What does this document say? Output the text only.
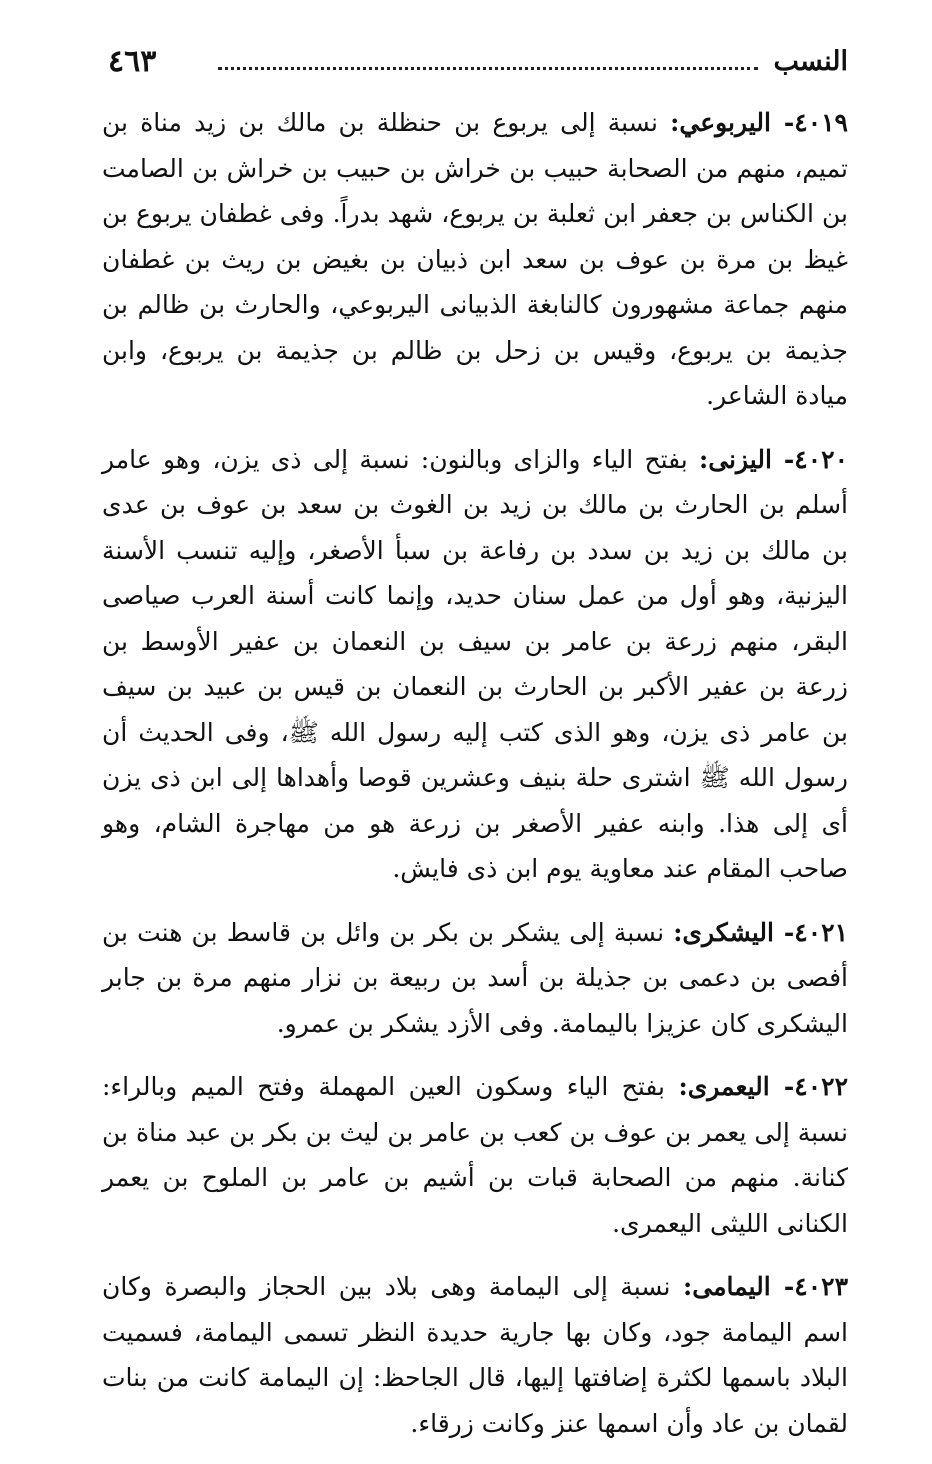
النسب
٤٦٣

٤٠١٩- اليربوعي: نسبة إلى يربوع بن حنظلة بن مالك بن زيد مناة بن تميم، منهم من الصحابة حبيب بن خراش بن حبيب بن خراش بن الصامت بن الكناس بن جعفر ابن ثعلبة بن يربوع، شهد بدراً. وفى غطفان يربوع بن غيظ بن مرة بن عوف بن سعد ابن ذبيان بن بغيض بن ريث بن غطفان منهم جماعة مشهورون كالنابغة الذبيانى اليربوعي، والحارث بن ظالم بن جذيمة بن يربوع، وقيس بن زحل بن ظالم بن جذيمة بن يربوع، وابن ميادة الشاعر.

٤٠٢٠- اليزنى: بفتح الياء والزاى وبالنون: نسبة إلى ذى يزن، وهو عامر أسلم بن الحارث بن مالك بن زيد بن الغوث بن سعد بن عوف بن عدى بن مالك بن زيد بن سدد بن رفاعة بن سبأ الأصغر، وإليه تنسب الأسنة اليزنية، وهو أول من عمل سنان حديد، وإنما كانت أسنة العرب صياصى البقر، منهم زرعة بن عامر بن سيف بن النعمان بن عفير الأوسط بن زرعة بن عفير الأكبر بن الحارث بن النعمان بن قيس بن عبيد بن سيف بن عامر ذى يزن، وهو الذى كتب إليه رسول الله ﷺ، وفى الحديث أن رسول الله ﷺ اشترى حلة بنيف وعشرين قوصا وأهداها إلى ابن ذى يزن أى إلى هذا. وابنه عفير الأصغر بن زرعة هو من مهاجرة الشام، وهو صاحب المقام عند معاوية يوم ابن ذى فايش.

٤٠٢١- اليشكرى: نسبة إلى يشكر بن بكر بن وائل بن قاسط بن هنت بن أفصى بن دعمى بن جذيلة بن أسد بن ربيعة بن نزار منهم مرة بن جابر اليشكرى كان عزيزا باليمامة. وفى الأزد يشكر بن عمرو.

٤٠٢٢- اليعمرى: بفتح الياء وسكون العين المهملة وفتح الميم وبالراء: نسبة إلى يعمر بن عوف بن كعب بن عامر بن ليث بن بكر بن عبد مناة بن كنانة. منهم من الصحابة قبات بن أشيم بن عامر بن الملوح بن يعمر الكنانى الليثى اليعمرى.

٤٠٢٣- اليمامى: نسبة إلى اليمامة وهى بلاد بين الحجاز والبصرة وكان اسم اليمامة جود، وكان بها جارية حديدة النظر تسمى اليمامة، فسميت البلاد باسمها لكثرة إضافتها إليها، قال الجاحظ: إن اليمامة كانت من بنات لقمان بن عاد وأن اسمها عنز وكانت زرقاء.
